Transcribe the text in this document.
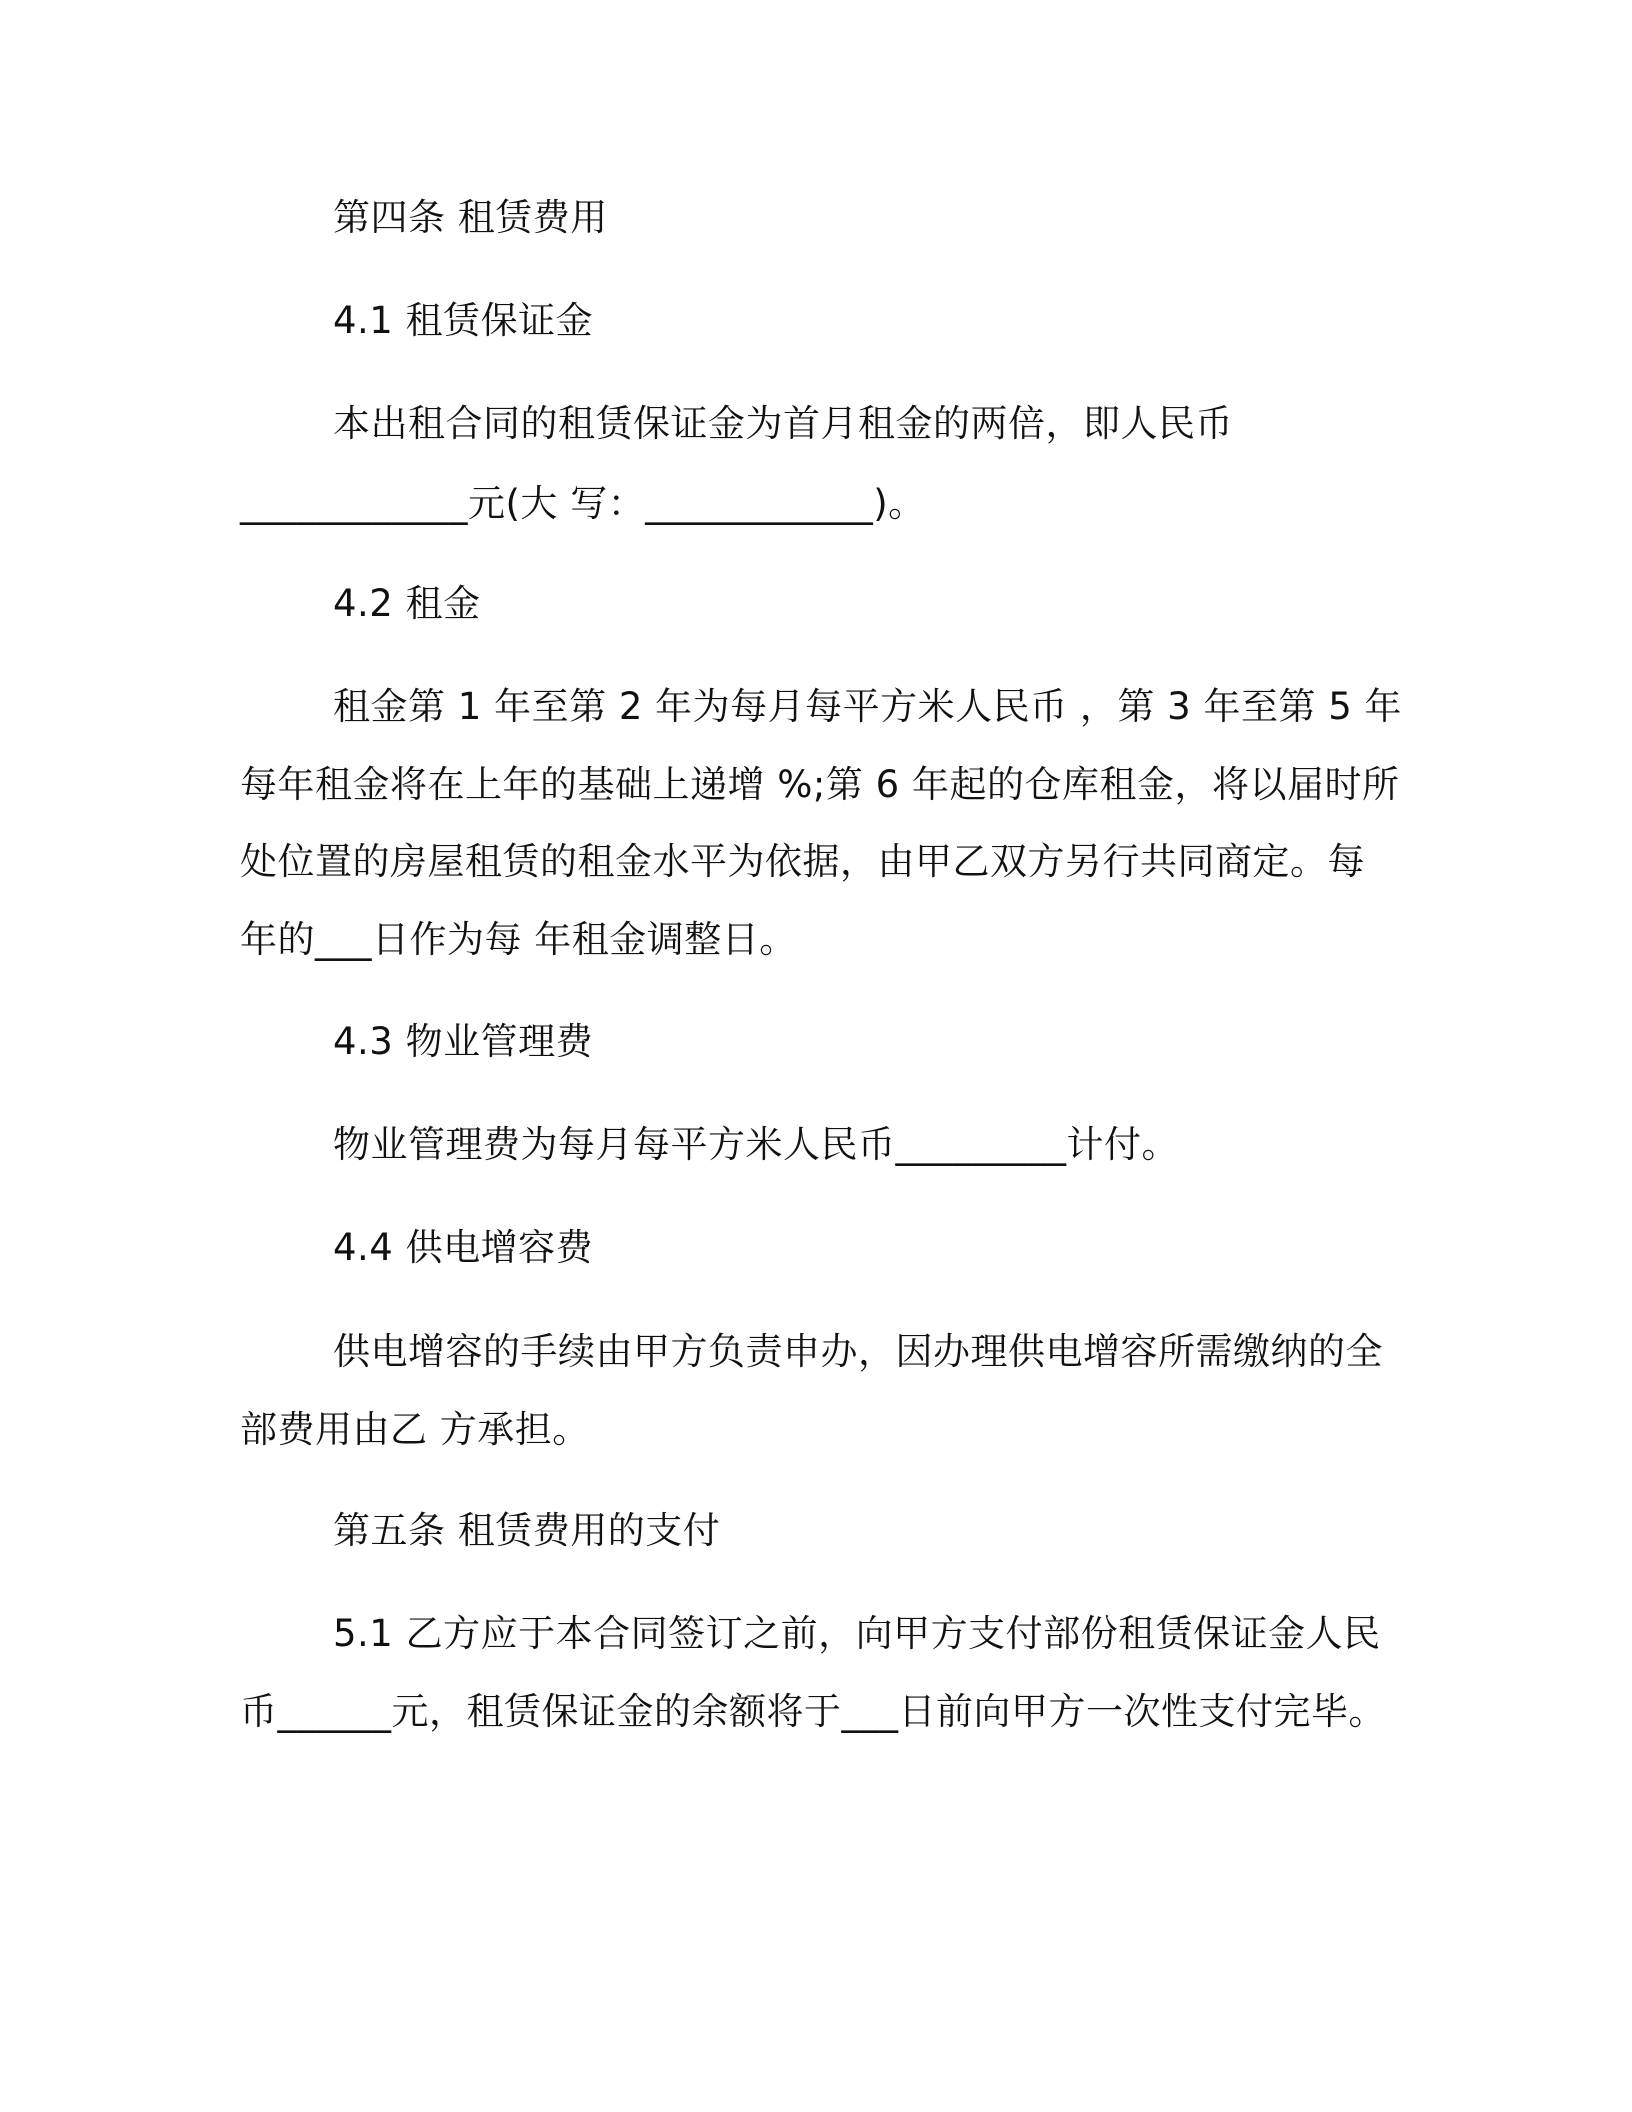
第四条 租赁费用

4.1 租赁保证金

本出租合同的租赁保证金为首月租金的两倍，即人民币

____________元(大 写：____________)。

4.2 租金

租金第 1 年至第 2 年为每月每平方米人民币 ，第 3 年至第 5 年

每年租金将在上年的基础上递增 %;第 6 年起的仓库租金，将以届时所

处位置的房屋租赁的租金水平为依据，由甲乙双方另行共同商定。每

年的___日作为每 年租金调整日。

4.3 物业管理费

物业管理费为每月每平方米人民币_________计付。

4.4 供电增容费

供电增容的手续由甲方负责申办，因办理供电增容所需缴纳的全

部费用由乙 方承担。

第五条 租赁费用的支付

5.1 乙方应于本合同签订之前，向甲方支付部份租赁保证金人民

币______元，租赁保证金的余额将于___日前向甲方一次性支付完毕。
